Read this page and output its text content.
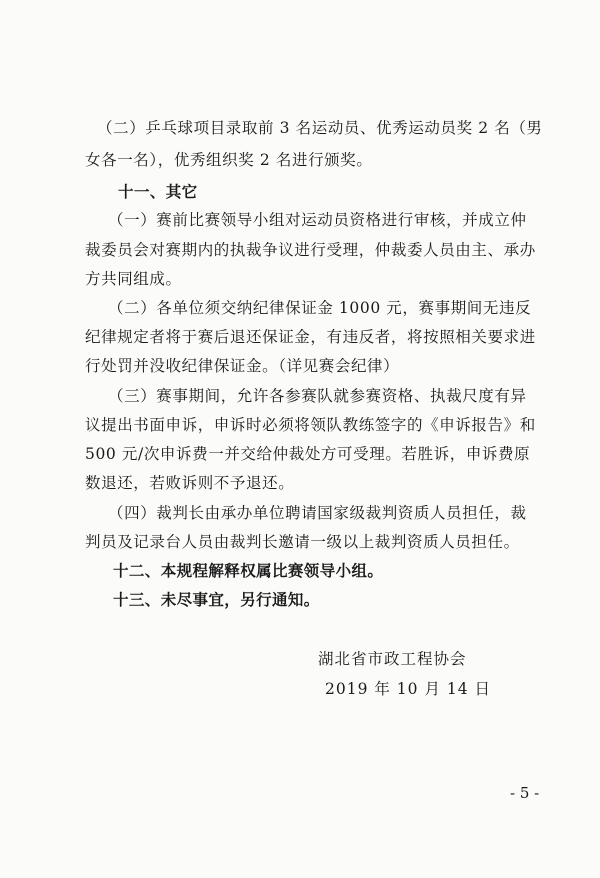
（二）乒乓球项目录取前 3 名运动员、优秀运动员奖 2 名（男
女各一名），优秀组织奖 2 名进行颁奖。
十一、其它
（一）赛前比赛领导小组对运动员资格进行审核，并成立仲
裁委员会对赛期内的执裁争议进行受理，仲裁委人员由主、承办
方共同组成。
（二）各单位须交纳纪律保证金 1000 元，赛事期间无违反
纪律规定者将于赛后退还保证金，有违反者，将按照相关要求进
行处罚并没收纪律保证金。（详见赛会纪律）
（三）赛事期间，允许各参赛队就参赛资格、执裁尺度有异
议提出书面申诉，申诉时必须将领队教练签字的《申诉报告》和
500 元/次申诉费一并交给仲裁处方可受理。若胜诉，申诉费原
数退还，若败诉则不予退还。
（四）裁判长由承办单位聘请国家级裁判资质人员担任，裁
判员及记录台人员由裁判长邀请一级以上裁判资质人员担任。
十二、本规程解释权属比赛领导小组。
十三、未尽事宜，另行通知。
湖北省市政工程协会
2019 年 10 月 14 日
- 5 -
